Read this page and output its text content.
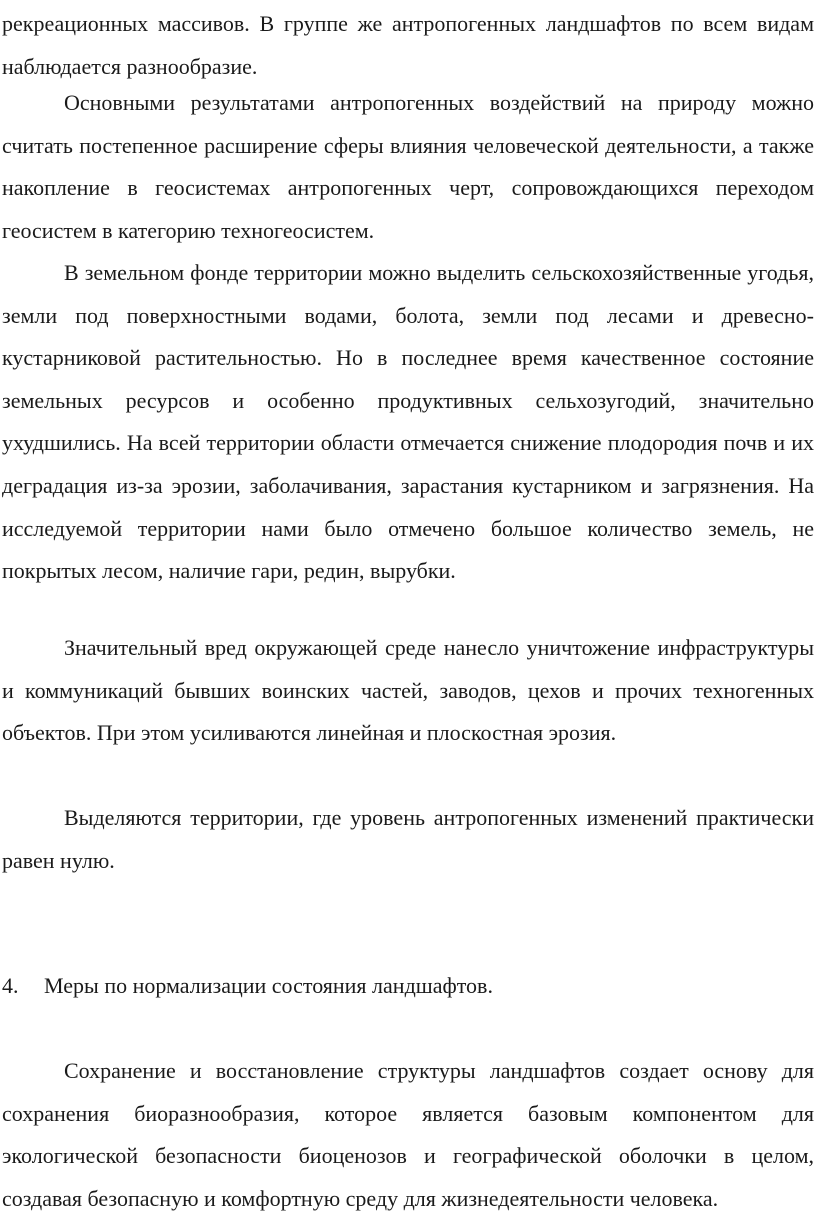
рекреационных массивов. В группе же антропогенных ландшафтов по всем видам наблюдается разнообразие.

Основными результатами антропогенных воздействий на природу можно считать постепенное расширение сферы влияния человеческой деятельности, а также накопление в геосистемах антропогенных черт, сопровождающихся переходом геосистем в категорию техногеосистем.

В земельном фонде территории можно выделить сельскохозяйственные угодья, земли под поверхностными водами, болота, земли под лесами и древесно-кустарниковой растительностью. Но в последнее время качественное состояние земельных ресурсов и особенно продуктивных сельхозугодий, значительно ухудшились. На всей территории области отмечается снижение плодородия почв и их деградация из-за эрозии, заболачивания, зарастания кустарником и загрязнения. На исследуемой территории нами было отмечено большое количество земель, не покрытых лесом, наличие гари, редин, вырубки.

Значительный вред окружающей среде нанесло уничтожение инфраструктуры и коммуникаций бывших воинских частей, заводов, цехов и прочих техногенных объектов. При этом усиливаются линейная и плоскостная эрозия.

Выделяются территории, где уровень антропогенных изменений практически равен нулю.

4. Меры по нормализации состояния ландшафтов.

Сохранение и восстановление структуры ландшафтов создает основу для сохранения биоразнообразия, которое является базовым компонентом для экологической безопасности биоценозов и географической оболочки в целом, создавая безопасную и комфортную среду для жизнедеятельности человека.
